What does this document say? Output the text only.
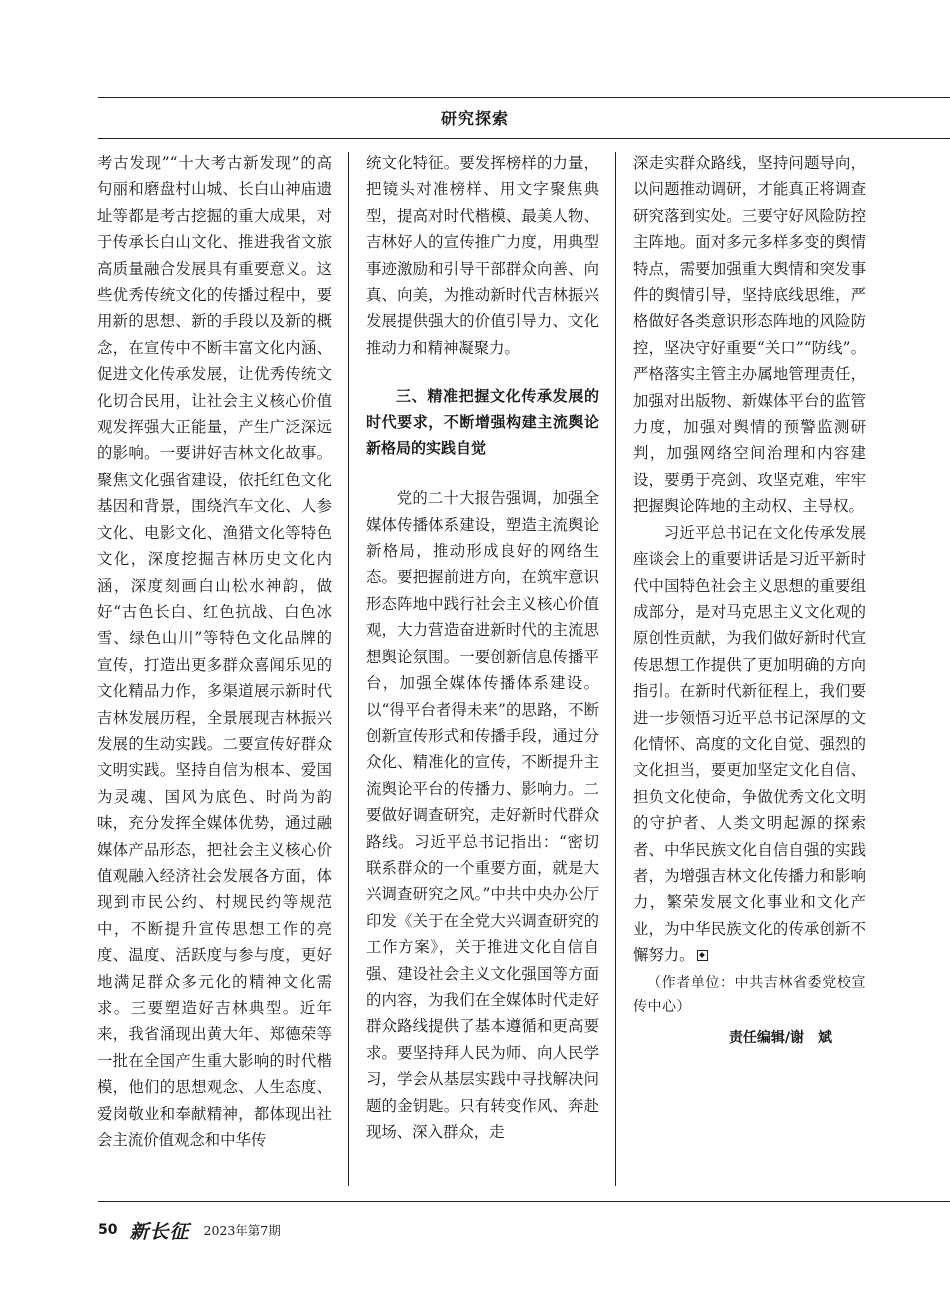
研究探索

考古发现”“十大考古新发现”的高句丽和磨盘村山城、长白山神庙遗址等都是考古挖掘的重大成果，对于传承长白山文化、推进我省文旅高质量融合发展具有重要意义。这些优秀传统文化的传播过程中，要用新的思想、新的手段以及新的概念，在宣传中不断丰富文化内涵、促进文化传承发展，让优秀传统文化切合民用，让社会主义核心价值观发挥强大正能量，产生广泛深远的影响。一要讲好吉林文化故事。聚焦文化强省建设，依托红色文化基因和背景，围绕汽车文化、人参文化、电影文化、渔猎文化等特色文化，深度挖掘吉林历史文化内涵，深度刻画白山松水神韵，做好“古色长白、红色抗战、白色冰雪、绿色山川”等特色文化品牌的宣传，打造出更多群众喜闻乐见的文化精品力作，多渠道展示新时代吉林发展历程，全景展现吉林振兴发展的生动实践。二要宣传好群众文明实践。坚持自信为根本、爱国为灵魂、国风为底色、时尚为韵味，充分发挥全媒体优势，通过融媒体产品形态，把社会主义核心价值观融入经济社会发展各方面，体现到市民公约、村规民约等规范中，不断提升宣传思想工作的亮度、温度、活跃度与参与度，更好地满足群众多元化的精神文化需求。三要塑造好吉林典型。近年来，我省涌现出黄大年、郑德荣等一批在全国产生重大影响的时代楷模，他们的思想观念、人生态度、爱岗敬业和奉献精神，都体现出社会主流价值观念和中华传

统文化特征。要发挥榜样的力量，把镜头对准榜样、用文字聚焦典型，提高对时代楷模、最美人物、吉林好人的宣传推广力度，用典型事迹激励和引导干部群众向善、向真、向美，为推动新时代吉林振兴发展提供强大的价值引导力、文化推动力和精神凝聚力。

三、精准把握文化传承发展的时代要求，不断增强构建主流舆论新格局的实践自觉

党的二十大报告强调，加强全媒体传播体系建设，塑造主流舆论新格局，推动形成良好的网络生态。要把握前进方向，在筑牢意识形态阵地中践行社会主义核心价值观，大力营造奋进新时代的主流思想舆论氛围。一要创新信息传播平台，加强全媒体传播体系建设。以“得平台者得未来”的思路，不断创新宣传形式和传播手段，通过分众化、精准化的宣传，不断提升主流舆论平台的传播力、影响力。二要做好调查研究，走好新时代群众路线。习近平总书记指出：“密切联系群众的一个重要方面，就是大兴调查研究之风。”中共中央办公厅印发《关于在全党大兴调查研究的工作方案》，关于推进文化自信自强、建设社会主义文化强国等方面的内容，为我们在全媒体时代走好群众路线提供了基本遵循和更高要求。要坚持拜人民为师、向人民学习，学会从基层实践中寻找解决问题的金钥匙。只有转变作风、奔赴现场、深入群众，走

深走实群众路线，坚持问题导向，以问题推动调研，才能真正将调查研究落到实处。三要守好风险防控主阵地。面对多元多样多变的舆情特点，需要加强重大舆情和突发事件的舆情引导，坚持底线思维，严格做好各类意识形态阵地的风险防控，坚决守好重要“关口”“防线”。严格落实主管主办属地管理责任，加强对出版物、新媒体平台的监管力度，加强对舆情的预警监测研判，加强网络空间治理和内容建设，要勇于亮剑、攻坚克难，牢牢把握舆论阵地的主动权、主导权。

习近平总书记在文化传承发展座谈会上的重要讲话是习近平新时代中国特色社会主义思想的重要组成部分，是对马克思主义文化观的原创性贡献，为我们做好新时代宣传思想工作提供了更加明确的方向指引。在新时代新征程上，我们要进一步领悟习近平总书记深厚的文化情怀、高度的文化自觉、强烈的文化担当，要更加坚定文化自信、担负文化使命，争做优秀文化文明的守护者、人类文明起源的探索者、中华民族文化自信自强的实践者，为增强吉林文化传播力和影响力，繁荣发展文化事业和文化产业，为中华民族文化的传承创新不懈努力。

（作者单位：中共吉林省委党校宣传中心）

责任编辑/谢　斌

50 新长征 2023年第7期
